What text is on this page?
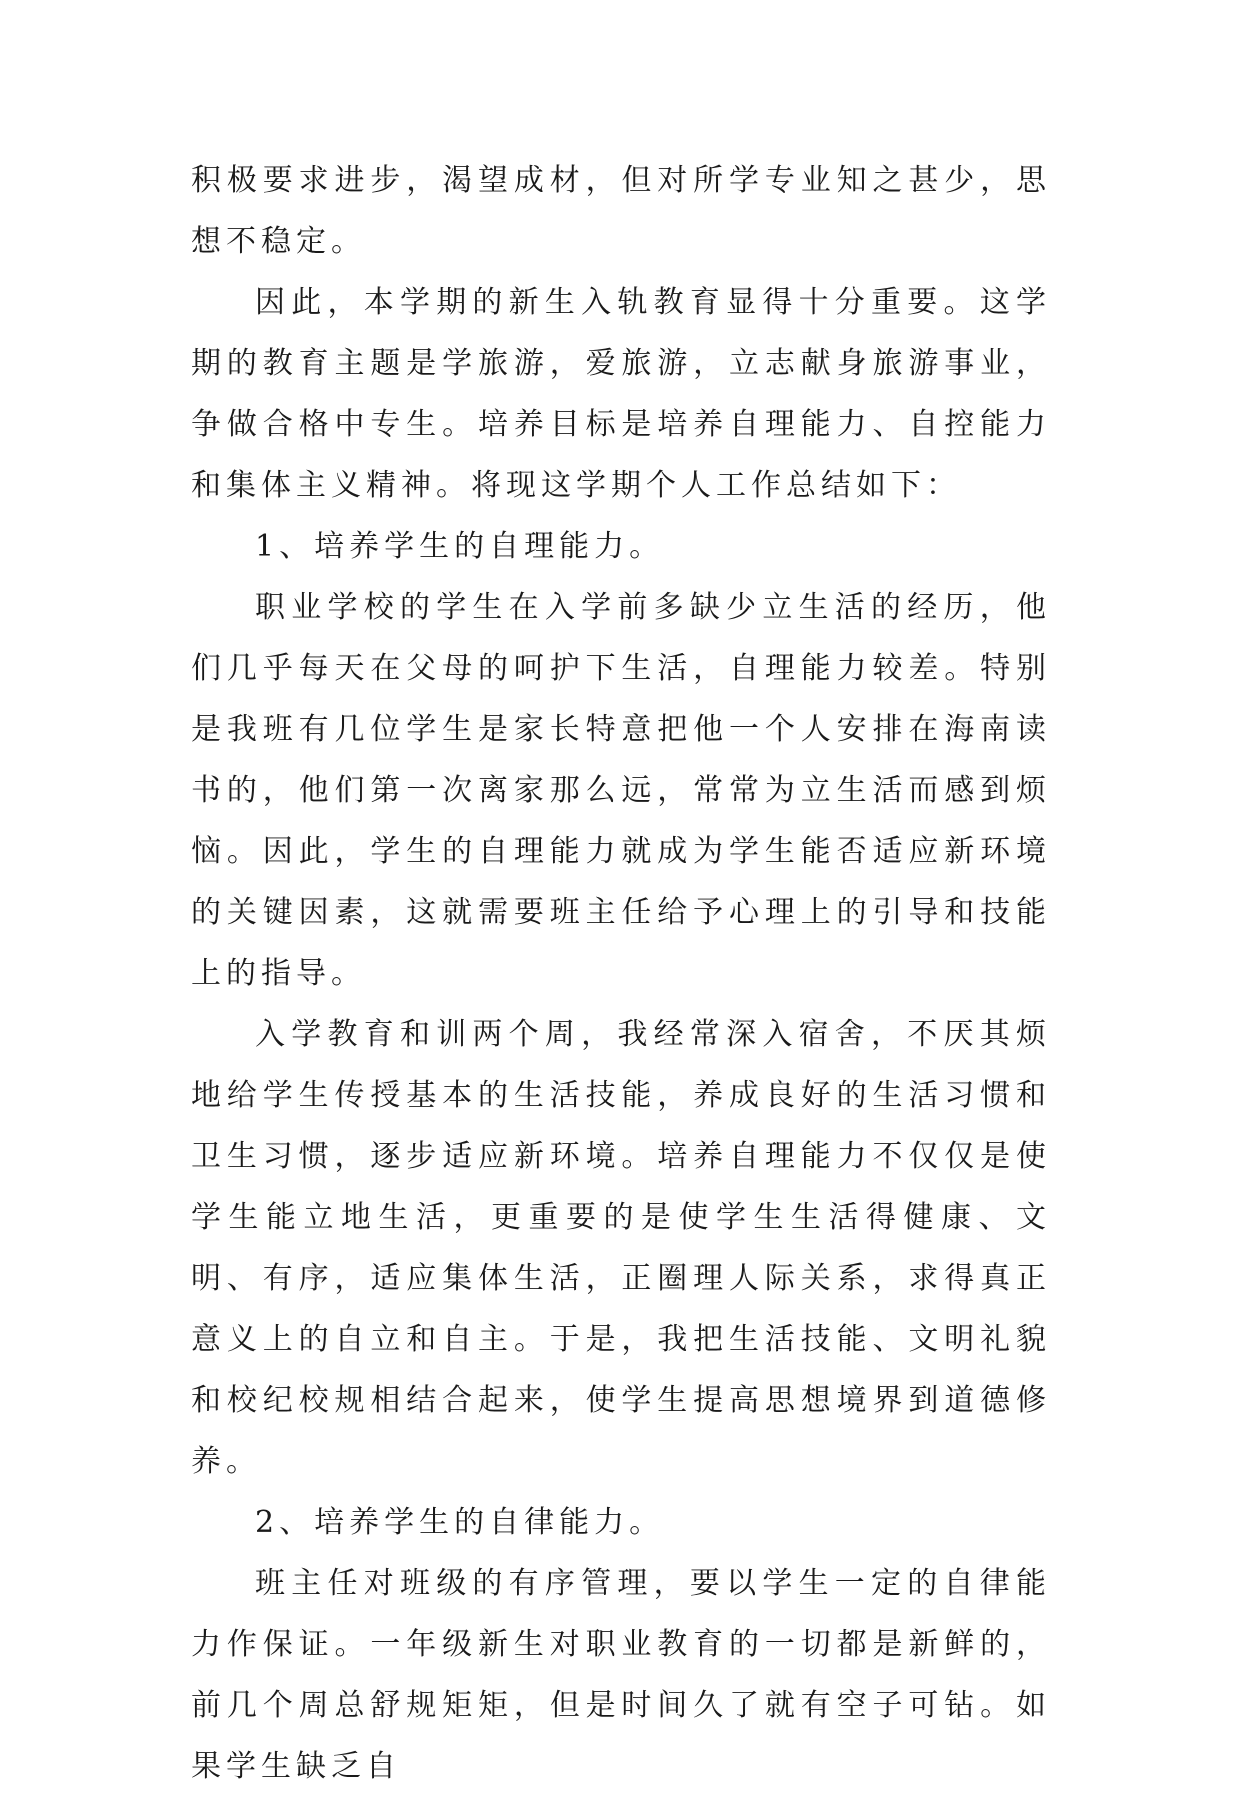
积极要求进步，渴望成材，但对所学专业知之甚少，思想不稳定。

因此，本学期的新生入轨教育显得十分重要。这学期的教育主题是学旅游，爱旅游，立志献身旅游事业，争做合格中专生。培养目标是培养自理能力、自控能力和集体主义精神。将现这学期个人工作总结如下：

1、培养学生的自理能力。

职业学校的学生在入学前多缺少立生活的经历，他们几乎每天在父母的呵护下生活，自理能力较差。特别是我班有几位学生是家长特意把他一个人安排在海南读书的，他们第一次离家那么远，常常为立生活而感到烦恼。因此，学生的自理能力就成为学生能否适应新环境的关键因素，这就需要班主任给予心理上的引导和技能上的指导。

入学教育和训两个周，我经常深入宿舍，不厌其烦地给学生传授基本的生活技能，养成良好的生活习惯和卫生习惯，逐步适应新环境。培养自理能力不仅仅是使学生能立地生活，更重要的是使学生生活得健康、文明、有序，适应集体生活，正圈理人际关系，求得真正意义上的自立和自主。于是，我把生活技能、文明礼貌和校纪校规相结合起来，使学生提高思想境界到道德修养。

2、培养学生的自律能力。

班主任对班级的有序管理，要以学生一定的自律能力作保证。一年级新生对职业教育的一切都是新鲜的，前几个周总舒规矩矩，但是时间久了就有空子可钻。如果学生缺乏自
